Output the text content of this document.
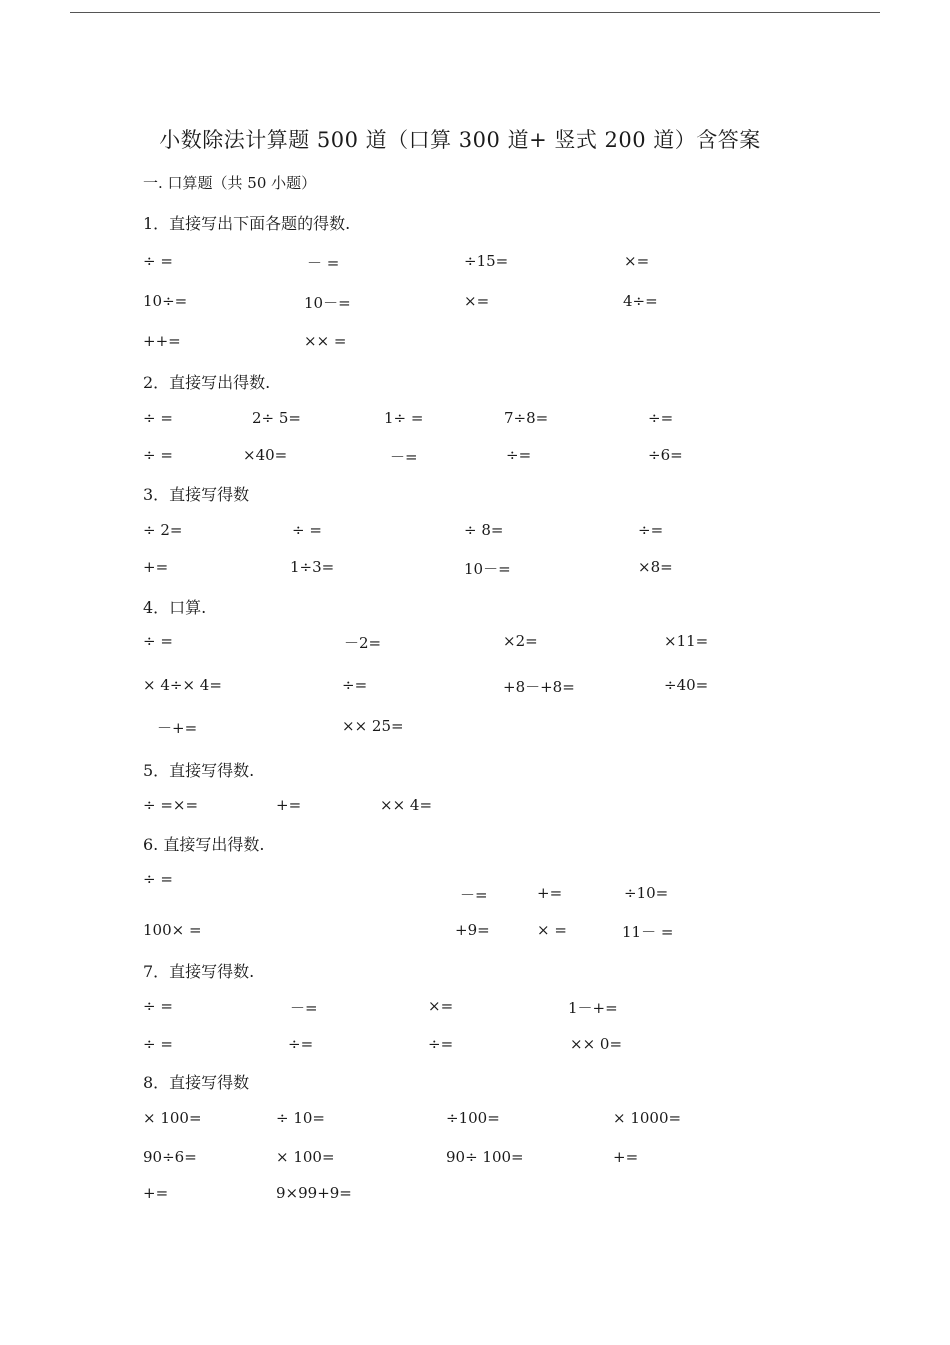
小数除法计算题 500 道（口算 300 道+ 竖式 200 道）含答案
一. 口算题（共 50 小题）
1．直接写出下面各题的得数.
÷ =	－ =	÷15=	×=
10÷=	10－=	×=	4÷=
++=	×× =
2．直接写出得数.
÷ =	2÷ 5=	1÷ =	7÷8=	÷=
÷ =	×40=	－=	÷=	÷6=
3．直接写得数
÷ 2=	÷ =	÷ 8=	÷=
+=	1÷3=	10－=	×8=
4．口算.
÷ =	－2=	×2=	×11=
× 4÷× 4=	÷=	+8－+8=	÷40=
－+=	×× 25=
5．直接写得数.
÷ =×=	+=	×× 4=
6. 直接写出得数.
÷ =
－=	+=	÷10=
100× =	+9=	× =	11－ =
7．直接写得数.
÷ =	－=	×=	1－+=
÷ =	÷=	÷=	×× 0=
8．直接写得数
× 100=	÷ 10=	÷100=	× 1000=
90÷6=	× 100=	90÷ 100=	+=
+=	9×99+9=
